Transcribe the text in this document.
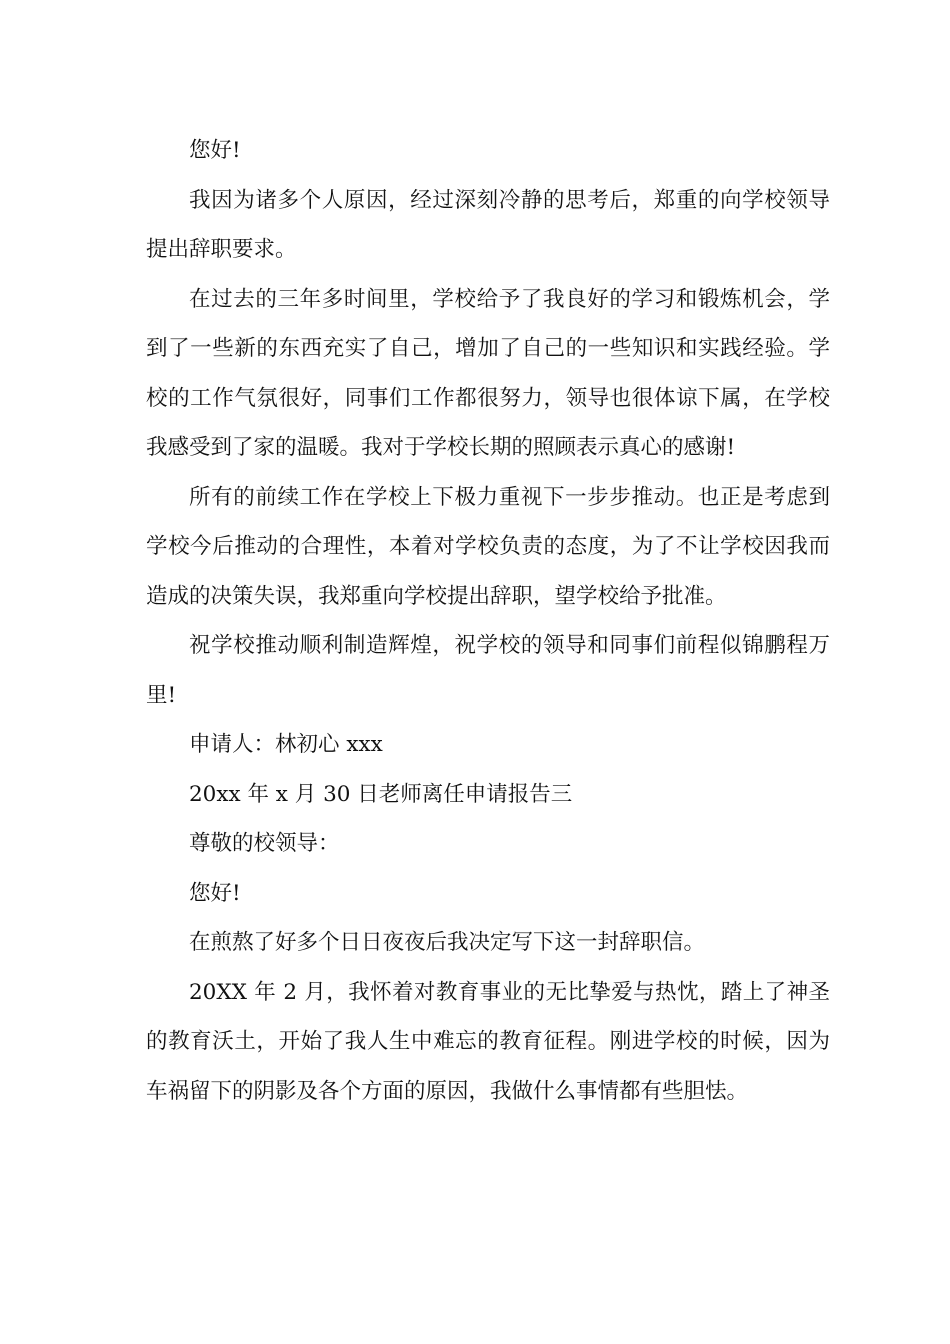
您好!

我因为诸多个人原因，经过深刻冷静的思考后，郑重的向学校领导提出辞职要求。

在过去的三年多时间里，学校给予了我良好的学习和锻炼机会，学到了一些新的东西充实了自己，增加了自己的一些知识和实践经验。学校的工作气氛很好，同事们工作都很努力，领导也很体谅下属，在学校我感受到了家的温暖。我对于学校长期的照顾表示真心的感谢!

所有的前续工作在学校上下极力重视下一步步推动。也正是考虑到学校今后推动的合理性，本着对学校负责的态度，为了不让学校因我而造成的决策失误，我郑重向学校提出辞职，望学校给予批准。

祝学校推动顺利制造辉煌，祝学校的领导和同事们前程似锦鹏程万里!

申请人：林初心 xxx

20xx 年 x 月 30 日老师离任申请报告三

尊敬的校领导：

您好!

在煎熬了好多个日日夜夜后我决定写下这一封辞职信。

20XX 年 2 月，我怀着对教育事业的无比挚爱与热忱，踏上了神圣的教育沃土，开始了我人生中难忘的教育征程。刚进学校的时候，因为车祸留下的阴影及各个方面的原因，我做什么事情都有些胆怯。
